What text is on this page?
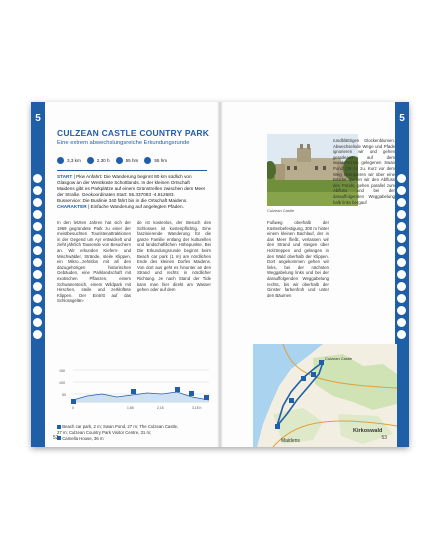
5
CULZEAN CASTLE COUNTRY PARK
Eine extrem abwechslungsreiche Erkundungsrunde
3,3 km	2.30 h	55 hm	55 hm
START | Pkw Anfahrt: Die Wanderung beginnt 80 km südlich von Glasgow an der Westküste Schottlands. In der kleinen Ortschaft Maidens gibt es Parkplätze auf einem Grünstreifen zwischen dem Meer der Straße. Geokoordinaten Start: 55.337083 -4.812683.
Busservice: Die Buslinie 340 fährt bis in die Ortschaft Maidens.
CHARAKTER | Einfache Wanderung auf angelegten Pfaden.
In den letzten Jahren hat sich der 1969 gegründete Park zu einer der meistbesuchten Touristenattraktionen in der Gegend um Ayr entwickelt und zieht jährlich Tausende von Besuchern an. Wir erkunden Kiefern- und Mischwälder, Strände, steile Klippen, ein Mikro...zehntlos mit all den dazugehörigen historischen Gebäuden, eine Parklandschaft mit exotischen Pflanzen, einem Schwanenteich, einem Wildpark mit Hirschen, steile und zerklüftete Klippen. Der Eintritt auf das Schlossgelän-
de ist kostenlos, der Besuch des Schlosses ist kostenpflichtig. Eine faszinierende Wanderung für die ganze Familie entlang der kulturellen und landschaftlichen Höhepunkte. Bei Die Erkundungsrunde beginnt beim Beach car park (1 m) am nördlichen Ende des kleinen Dorfes Maidens. Von dort aus geht es hinunter an den Strand und rechts in nördlicher Richtung. Je nach Stand der Tide kann man hier direkt am Wasser gehen oder auf dem
150
100
50
0	1,65	2,15	3,15 h
Beach car park, 2 m; Swan Pond, 27 m; The Culzean Castle,
27 m; Culzean Country Park Visitor Centre, 31 m;
Camella House, 36 m
52
5
Culzean Castle
Fußweg oberhalb der Küstenbefestigung, 300 m hinter einem kleinen Bachlauf, der in das Meer fließt, verlassen wir den Strand und steigen über Holztreppen und gelangen in den Wald oberhalb der Klippen. Dort angekommen gehen wir links, bei der nächsten Weggabelung links und bei der darauffolgenden Weggabelung rechts, bis wir oberhalb der Ginster farbenfroh und unter den Bäumen
rundblättrigen Glockenblumen. Abwechselnde Wege und Pfade ignorieren wir und gehen geradeaus auf dem wunderschön gelegenen Swan Pond (29 m) zu. Kurz vor dem Weg überqueren wir über eine Brücke queren wir den Abfluss des Ponds, gehen parallel zum Abfluss und bei der darauffolgenden Weggabelung halb links bergauf
Culzean Castle
Maidens
Kirkoswald
53
